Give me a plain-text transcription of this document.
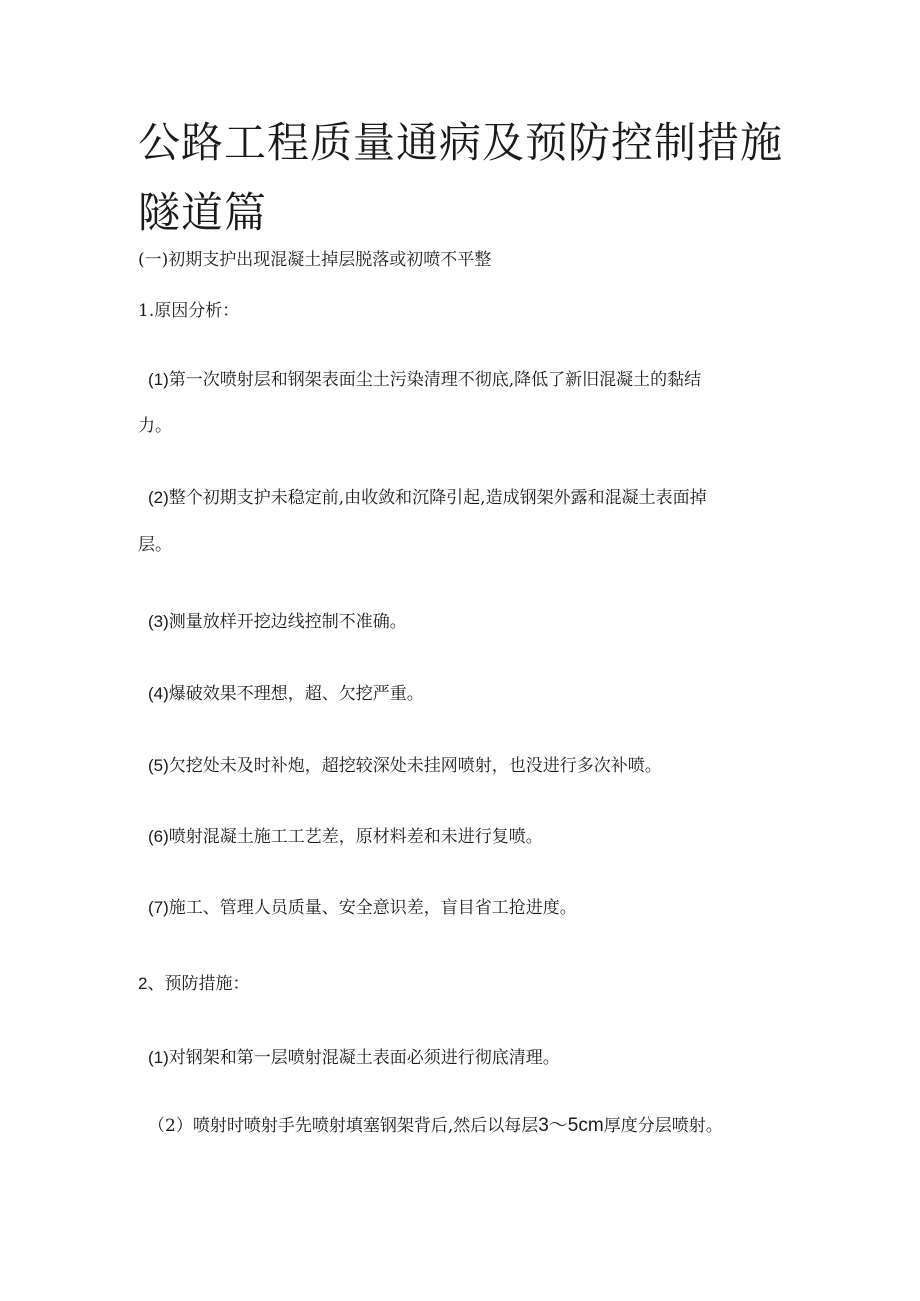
公路工程质量通病及预防控制措施
隧道篇

(一)初期支护出现混凝土掉层脱落或初喷不平整

1.原因分析：

(1)第一次喷射层和钢架表面尘土污染清理不彻底,降低了新旧混凝土的黏结

力。

(2)整个初期支护未稳定前,由收敛和沉降引起,造成钢架外露和混凝土表面掉

层。

(3)测量放样开挖边线控制不准确。

(4)爆破效果不理想，超、欠挖严重。

(5)欠挖处未及时补炮，超挖较深处未挂网喷射，也没进行多次补喷。

(6)喷射混凝土施工工艺差，原材料差和未进行复喷。

(7)施工、管理人员质量、安全意识差，盲目省工抢进度。

2、预防措施：

(1)对钢架和第一层喷射混凝土表面必须进行彻底清理。

（2）喷射时喷射手先喷射填塞钢架背后,然后以每层3～5cm厚度分层喷射。
